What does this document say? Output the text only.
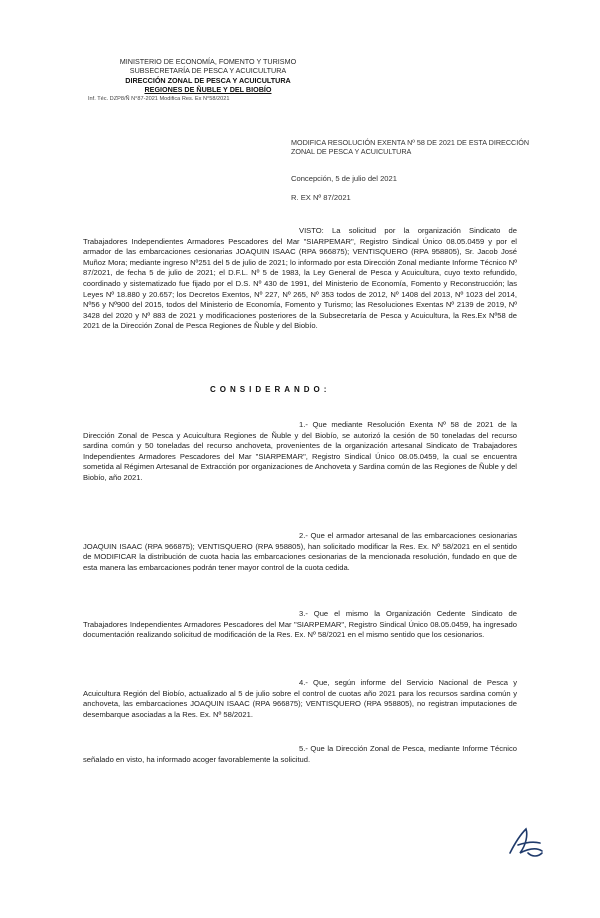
MINISTERIO DE ECONOMÍA, FOMENTO Y TURISMO
SUBSECRETARÍA DE PESCA Y ACUICULTURA
DIRECCIÓN ZONAL DE PESCA Y ACUICULTURA
REGIONES DE ÑUBLE Y DEL BIOBÍO
Inf. Téc. DZP8/Ñ N°87-2021 Modifica Res. Ex N°58/2021
MODIFICA RESOLUCIÓN EXENTA Nº 58 DE 2021 DE ESTA DIRECCIÓN ZONAL DE PESCA Y ACUICULTURA
Concepción, 5 de julio del 2021
R. EX Nº 87/2021
VISTO: La solicitud por la organización Sindicato de Trabajadores Independientes Armadores Pescadores del Mar "SIARPEMAR", Registro Sindical Único 08.05.0459 y por el armador de las embarcaciones cesionarias JOAQUIN ISAAC (RPA 966875); VENTISQUERO (RPA 958805), Sr. Jacob José Muñoz Mora; mediante ingreso Nº251 del 5 de julio de 2021; lo informado por esta Dirección Zonal mediante Informe Técnico Nº 87/2021, de fecha 5 de julio de 2021; el D.F.L. Nº 5 de 1983, la Ley General de Pesca y Acuicultura, cuyo texto refundido, coordinado y sistematizado fue fijado por el D.S. Nº 430 de 1991, del Ministerio de Economía, Fomento y Reconstrucción; las Leyes Nº 18.880 y 20.657; los Decretos Exentos, Nº 227, Nº 265, Nº 353 todos de 2012, Nº 1408 del 2013, Nº 1023 del 2014, Nº56 y Nº900 del 2015, todos del Ministerio de Economía, Fomento y Turismo; las Resoluciones Exentas Nº 2139 de 2019, Nº 3428 del 2020 y Nº 883 de 2021 y modificaciones posteriores de la Subsecretaría de Pesca y Acuicultura, la Res.Ex Nº58 de 2021 de la Dirección Zonal de Pesca Regiones de Ñuble y del Biobío.
CONSIDERANDO:
1.- Que mediante Resolución Exenta Nº 58 de 2021 de la Dirección Zonal de Pesca y Acuicultura Regiones de Ñuble y del Biobío, se autorizó la cesión de 50 toneladas del recurso sardina común y 50 toneladas del recurso anchoveta, provenientes de la organización artesanal Sindicato de Trabajadores Independientes Armadores Pescadores del Mar "SIARPEMAR", Registro Sindical Único 08.05.0459, la cual se encuentra sometida al Régimen Artesanal de Extracción por organizaciones de Anchoveta y Sardina común de las Regiones de Ñuble y del Biobío, año 2021.
2.- Que el armador artesanal de las embarcaciones cesionarias JOAQUIN ISAAC (RPA 966875); VENTISQUERO (RPA 958805), han solicitado modificar la Res. Ex. Nº 58/2021 en el sentido de MODIFICAR la distribución de cuota hacia las embarcaciones cesionarias de la mencionada resolución, fundado en que de esta manera las embarcaciones podrán tener mayor control de la cuota cedida.
3.- Que el mismo la Organización Cedente Sindicato de Trabajadores Independientes Armadores Pescadores del Mar "SIARPEMAR", Registro Sindical Único 08.05.0459, ha ingresado documentación realizando solicitud de modificación de la Res. Ex. Nº 58/2021 en el mismo sentido que los cesionarios.
4.- Que, según informe del Servicio Nacional de Pesca y Acuicultura Región del Biobío, actualizado al 5 de julio sobre el control de cuotas año 2021 para los recursos sardina común y anchoveta, las embarcaciones JOAQUIN ISAAC (RPA 966875); VENTISQUERO (RPA 958805), no registran imputaciones de desembarque asociadas a la Res. Ex. Nº 58/2021.
5.- Que la Dirección Zonal de Pesca, mediante Informe Técnico señalado en visto, ha informado acoger favorablemente la solicitud.
